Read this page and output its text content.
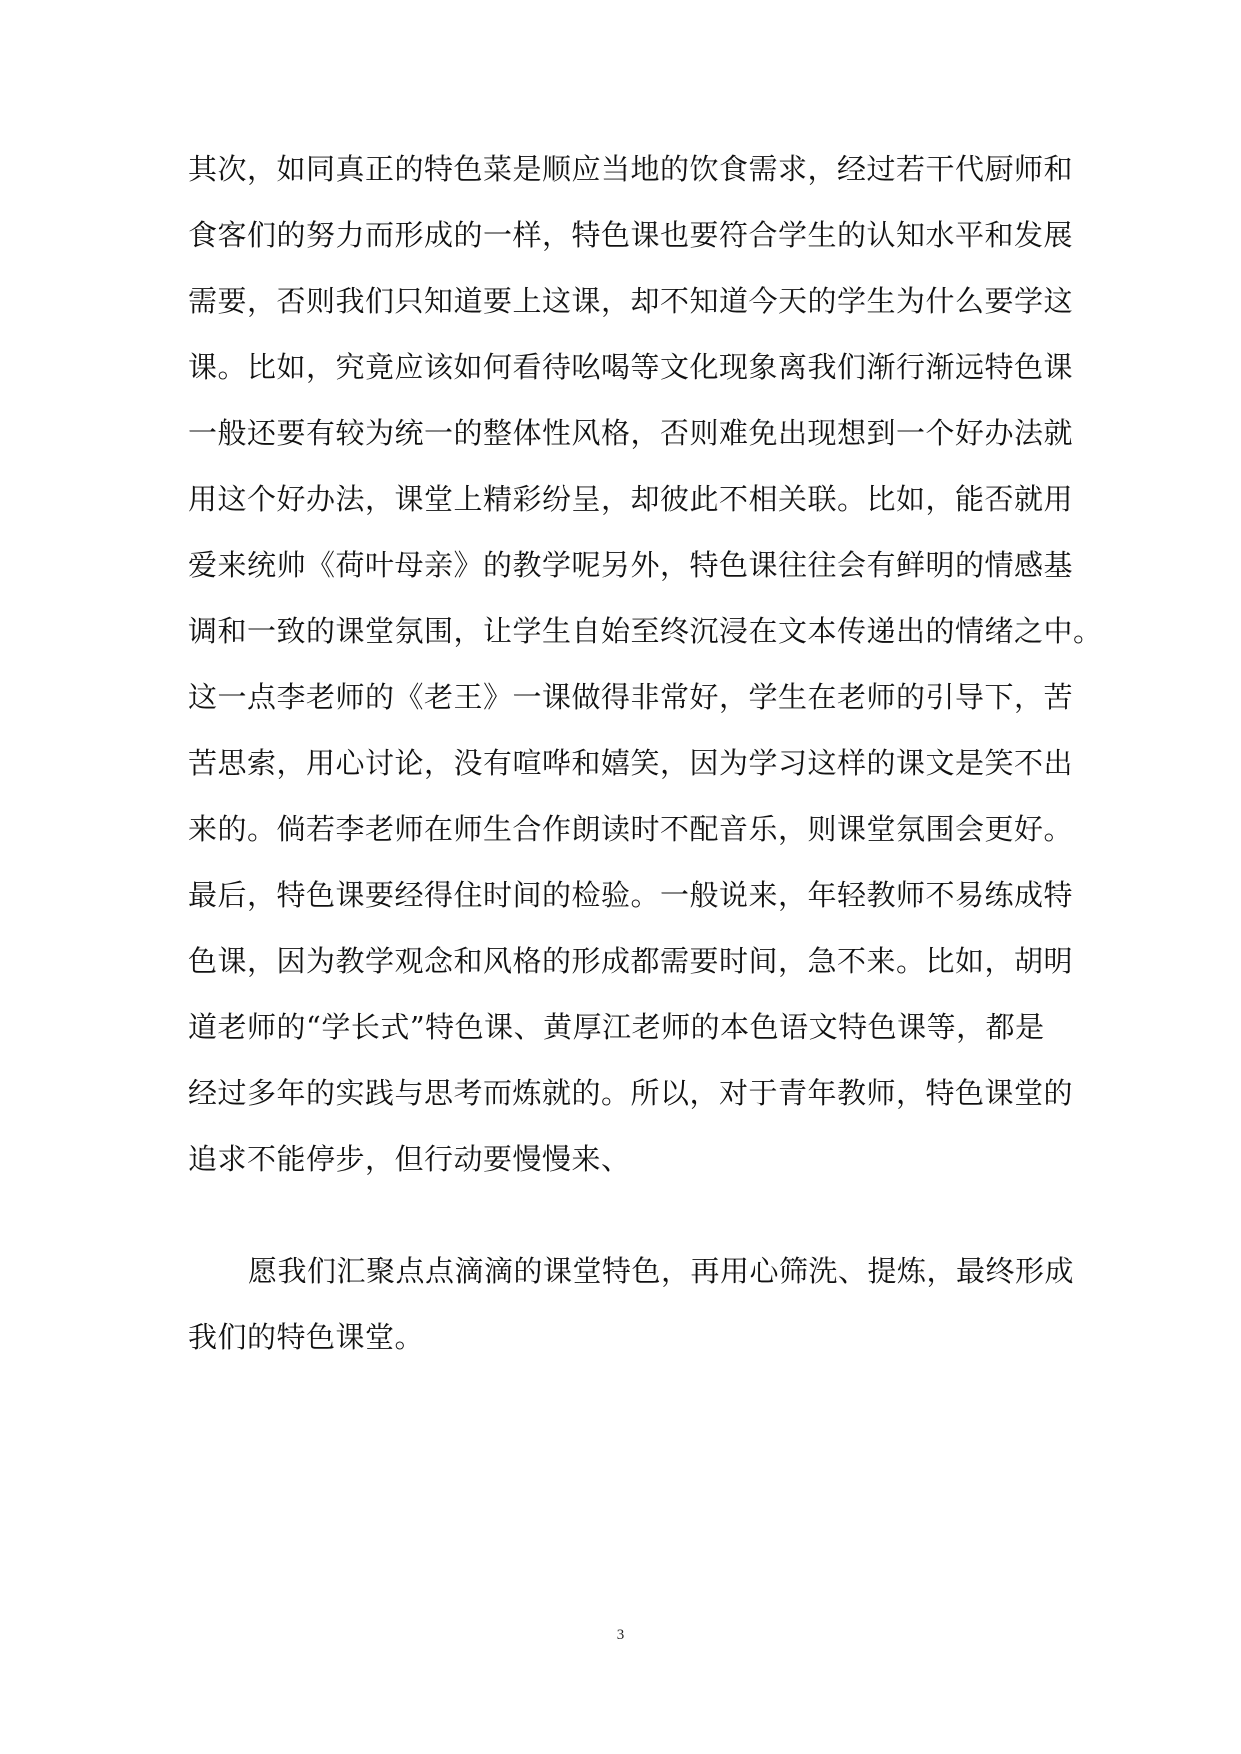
其次，如同真正的特色菜是顺应当地的饮食需求，经过若干代厨师和
食客们的努力而形成的一样，特色课也要符合学生的认知水平和发展
需要，否则我们只知道要上这课，却不知道今天的学生为什么要学这
课。比如，究竟应该如何看待吆喝等文化现象离我们渐行渐远特色课
一般还要有较为统一的整体性风格，否则难免出现想到一个好办法就
用这个好办法，课堂上精彩纷呈，却彼此不相关联。比如，能否就用
爱来统帅《荷叶母亲》的教学呢另外，特色课往往会有鲜明的情感基
调和一致的课堂氛围，让学生自始至终沉浸在文本传递出的情绪之中。
这一点李老师的《老王》一课做得非常好，学生在老师的引导下，苦
苦思索，用心讨论，没有喧哗和嬉笑，因为学习这样的课文是笑不出
来的。倘若李老师在师生合作朗读时不配音乐，则课堂氛围会更好。
最后，特色课要经得住时间的检验。一般说来，年轻教师不易练成特
色课，因为教学观念和风格的形成都需要时间，急不来。比如，胡明
道老师的“学长式”特色课、黄厚江老师的本色语文特色课等，都是
经过多年的实践与思考而炼就的。所以，对于青年教师，特色课堂的
追求不能停步，但行动要慢慢来、
愿我们汇聚点点滴滴的课堂特色，再用心筛洗、提炼，最终形成
我们的特色课堂。
3
